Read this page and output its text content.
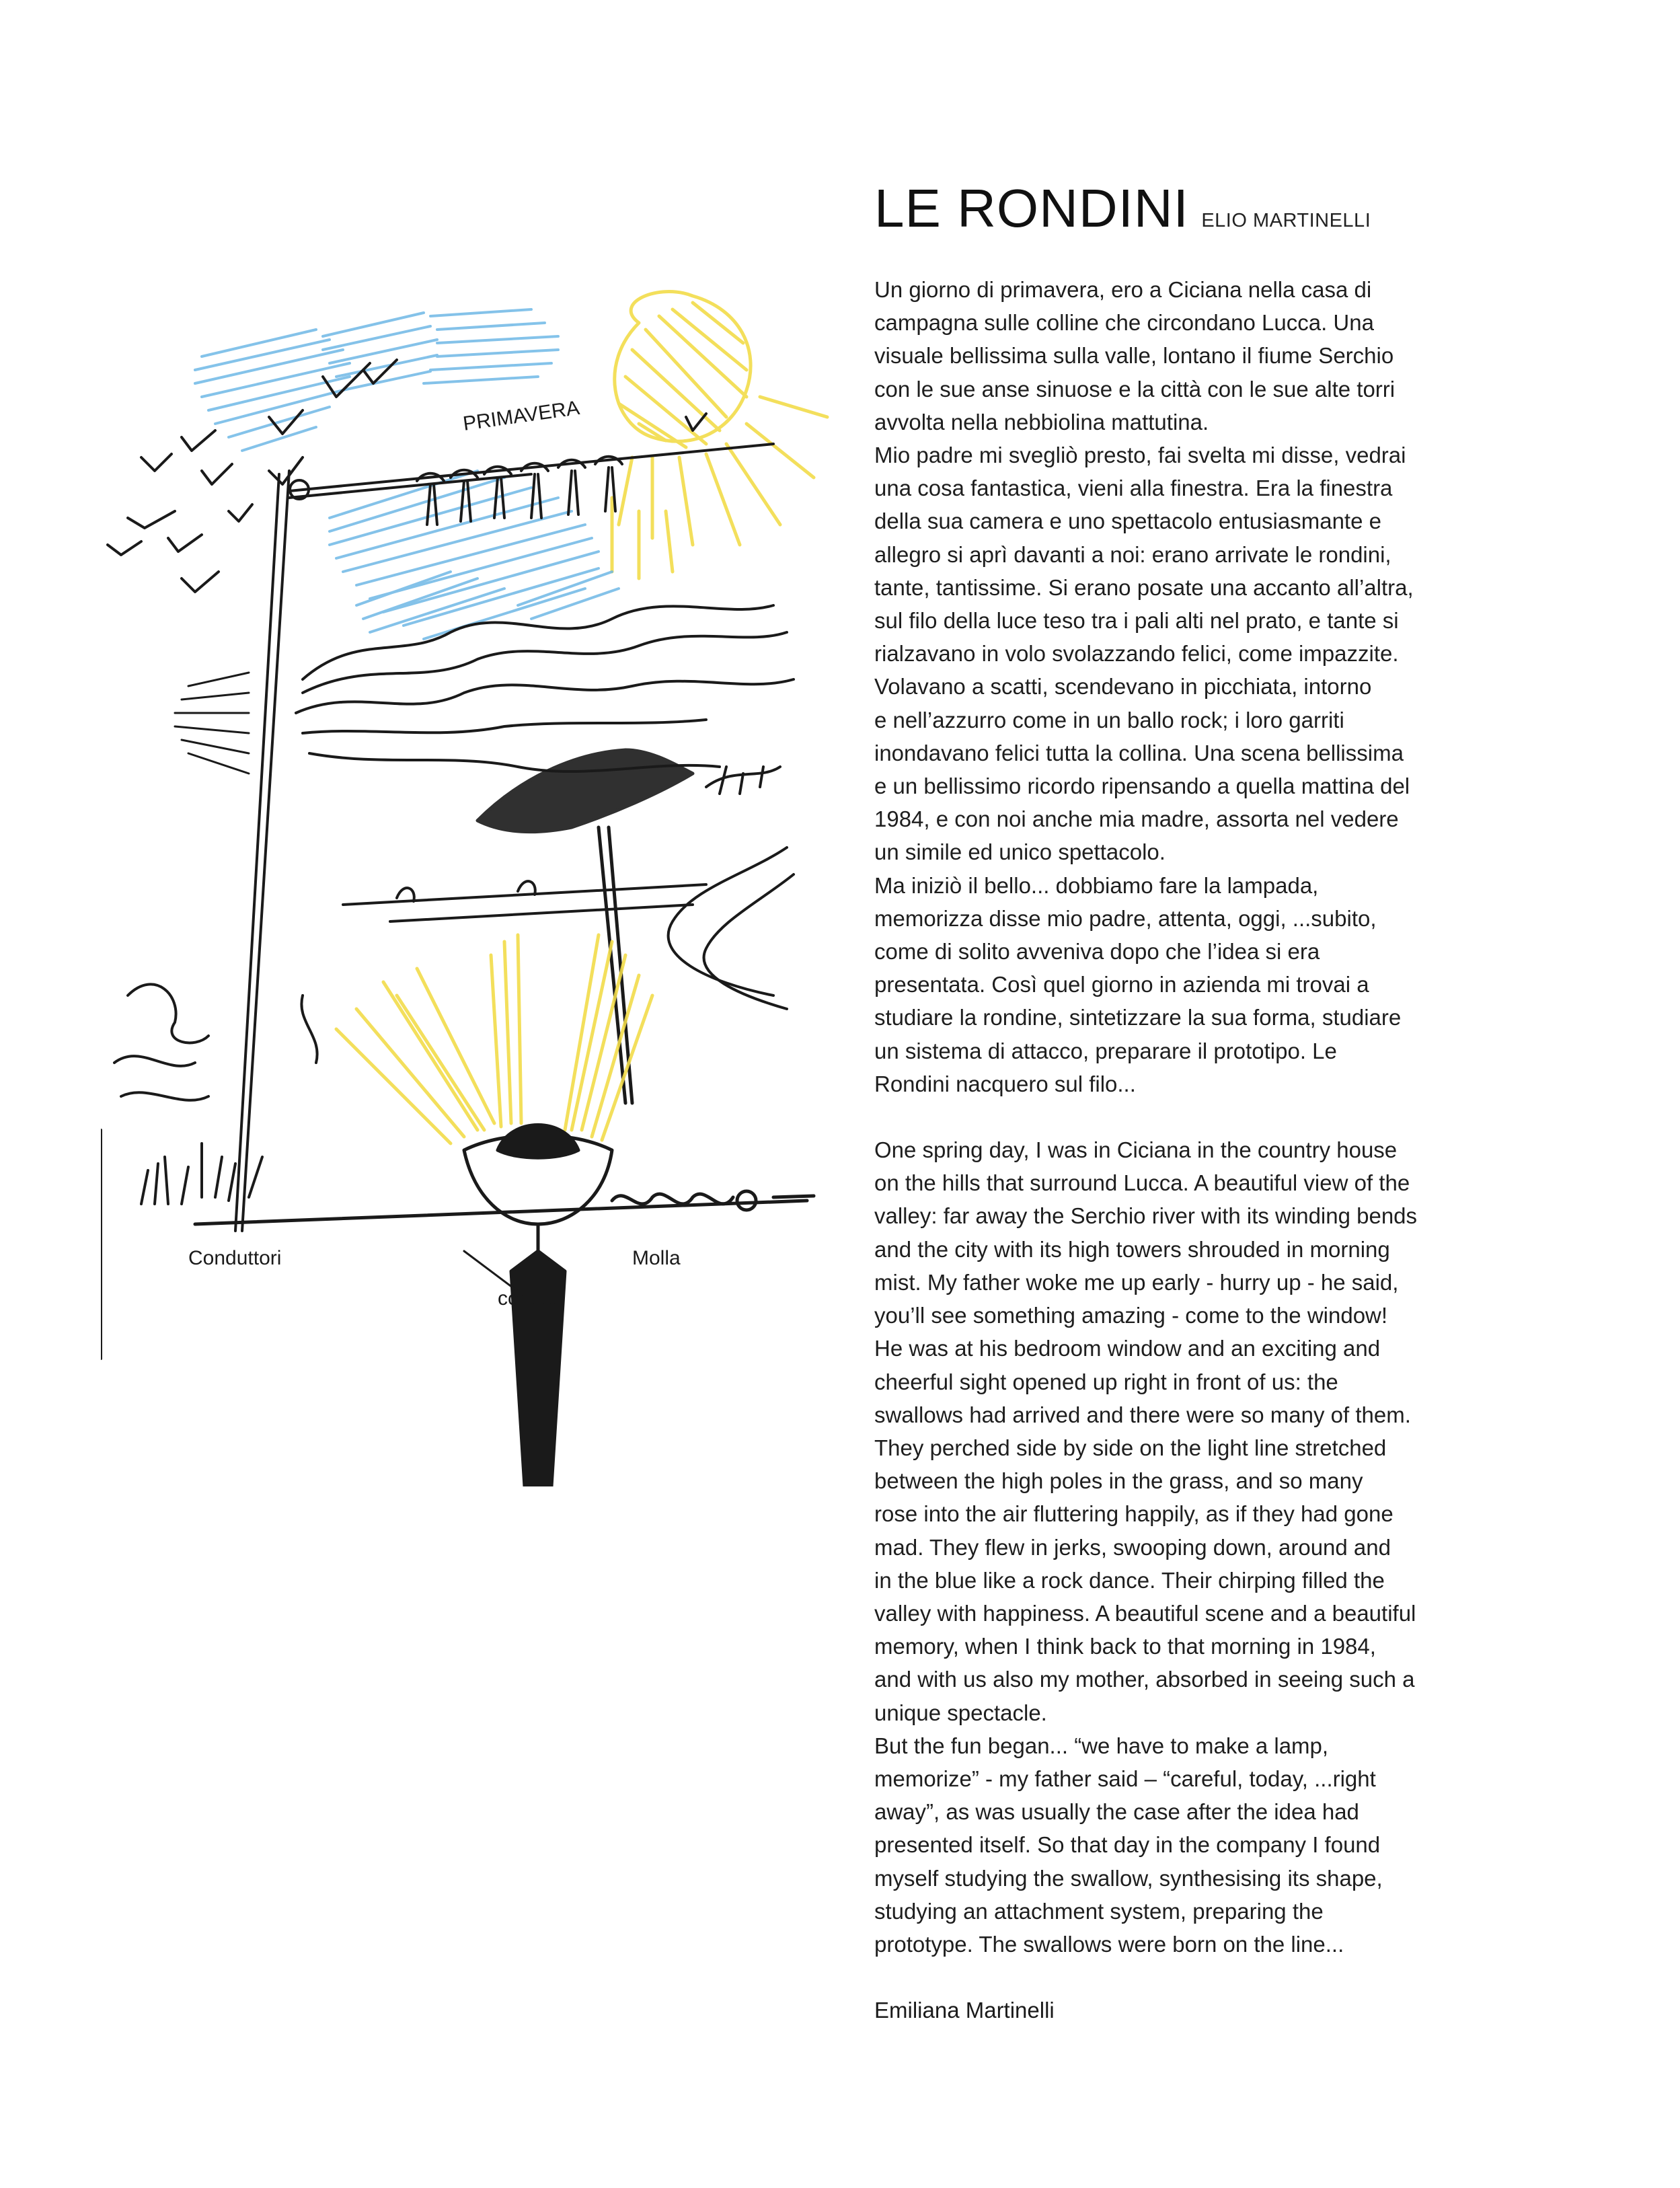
PRIMAVERA
Conduttori
contatti
Molla
LE RONDINI ELIO MARTINELLI

Un giorno di primavera, ero a Ciciana nella casa di
campagna sulle colline che circondano Lucca. Una
visuale bellissima sulla valle, lontano il fiume Serchio
con le sue anse sinuose e la città con le sue alte torri
avvolta nella nebbiolina mattutina.
Mio padre mi svegliò presto, fai svelta mi disse, vedrai
una cosa fantastica, vieni alla finestra. Era la finestra
della sua camera e uno spettacolo entusiasmante e
allegro si aprì davanti a noi: erano arrivate le rondini,
tante, tantissime. Si erano posate una accanto all’altra,
sul filo della luce teso tra i pali alti nel prato, e tante si
rialzavano in volo svolazzando felici, come impazzite.
Volavano a scatti, scendevano in picchiata, intorno
e nell’azzurro come in un ballo rock; i loro garriti
inondavano felici tutta la collina. Una scena bellissima
e un bellissimo ricordo ripensando a quella mattina del
1984, e con noi anche mia madre, assorta nel vedere
un simile ed unico spettacolo.
Ma iniziò il bello... dobbiamo fare la lampada,
memorizza disse mio padre, attenta, oggi, ...subito,
come di solito avveniva dopo che l’idea si era
presentata. Così quel giorno in azienda mi trovai a
studiare la rondine, sintetizzare la sua forma, studiare
un sistema di attacco, preparare il prototipo. Le
Rondini nacquero sul filo...

One spring day, I was in Ciciana in the country house
on the hills that surround Lucca. A beautiful view of the
valley: far away the Serchio river with its winding bends
and the city with its high towers shrouded in morning
mist. My father woke me up early - hurry up - he said,
you’ll see something amazing - come to the window!
He was at his bedroom window and an exciting and
cheerful sight opened up right in front of us: the
swallows had arrived and there were so many of them.
They perched side by side on the light line stretched
between the high poles in the grass, and so many
rose into the air fluttering happily, as if they had gone
mad. They flew in jerks, swooping down, around and
in the blue like a rock dance. Their chirping filled the
valley with happiness. A beautiful scene and a beautiful
memory, when I think back to that morning in 1984,
and with us also my mother, absorbed in seeing such a
unique spectacle.
But the fun began... “we have to make a lamp,
memorize” - my father said – “careful, today, ...right
away”, as was usually the case after the idea had
presented itself. So that day in the company I found
myself studying the swallow, synthesising its shape,
studying an attachment system, preparing the
prototype. The swallows were born on the line...

Emiliana Martinelli
